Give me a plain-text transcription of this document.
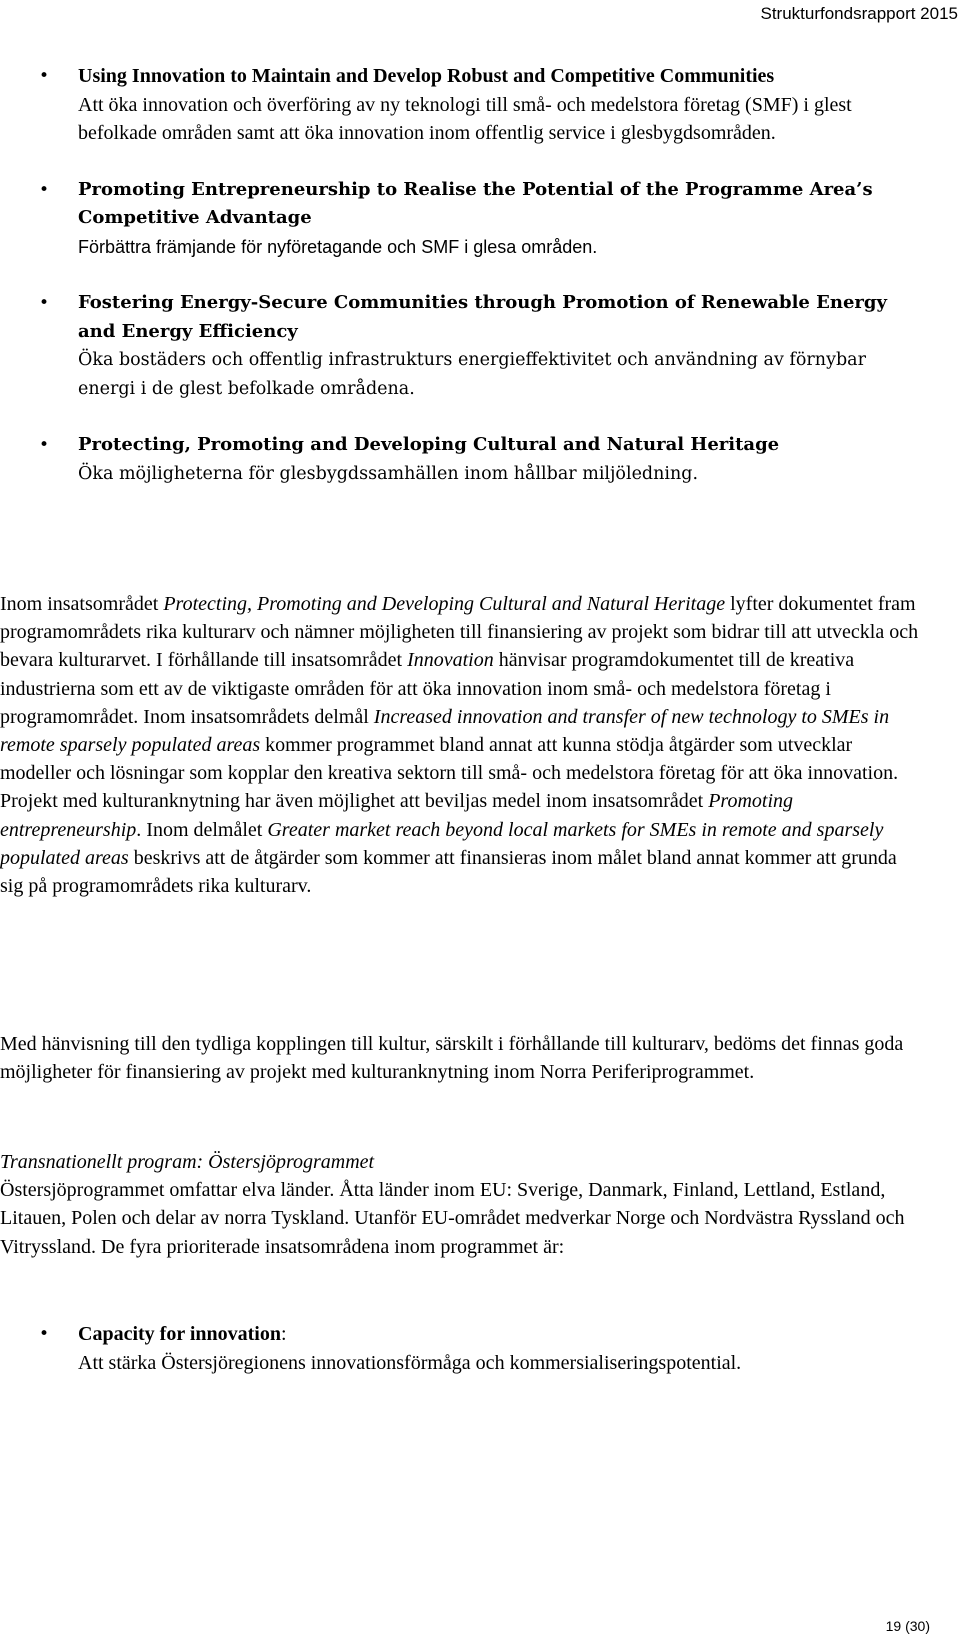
Strukturfondsrapport 2015
• Using Innovation to Maintain and Develop Robust and Competitive Communities
Att öka innovation och överföring av ny teknologi till små- och medelstora företag (SMF) i glest befolkade områden samt att öka innovation inom offentlig service i glesbygdsområden.
• Promoting Entrepreneurship to Realise the Potential of the Programme Area’s Competitive Advantage
Förbättra främjande för nyföretagande och SMF i glesa områden.
• Fostering Energy-Secure Communities through Promotion of Renewable Energy and Energy Efficiency
Öka bostäders och offentlig infrastrukturs energieffektivitet och användning av förnybar energi i de glest befolkade områdena.
• Protecting, Promoting and Developing Cultural and Natural Heritage
Öka möjligheterna för glesbygdssamhällen inom hållbar miljöledning.
Inom insatsområdet Protecting, Promoting and Developing Cultural and Natural Heritage lyfter dokumentet fram programområdets rika kulturarv och nämner möjligheten till finansiering av projekt som bidrar till att utveckla och bevara kulturarvet. I förhållande till insatsområdet Innovation hänvisar programdokumentet till de kreativa industrierna som ett av de viktigaste områden för att öka innovation inom små- och medelstora företag i programområdet. Inom insatsområdets delmål Increased innovation and transfer of new technology to SMEs in remote sparsely populated areas kommer programmet bland annat att kunna stödja åtgärder som utvecklar modeller och lösningar som kopplar den kreativa sektorn till små- och medelstora företag för att öka innovation. Projekt med kulturanknytning har även möjlighet att beviljas medel inom insatsområdet Promoting entrepreneurship. Inom delmålet Greater market reach beyond local markets for SMEs in remote and sparsely populated areas beskrivs att de åtgärder som kommer att finansieras inom målet bland annat kommer att grunda sig på programområdets rika kulturarv.
Med hänvisning till den tydliga kopplingen till kultur, särskilt i förhållande till kulturarv, bedöms det finnas goda möjligheter för finansiering av projekt med kulturanknytning inom Norra Periferiprogrammet.
Transnationellt program: Östersjöprogrammet
Östersjöprogrammet omfattar elva länder. Åtta länder inom EU: Sverige, Danmark, Finland, Lettland, Estland, Litauen, Polen och delar av norra Tyskland. Utanför EU-området medverkar Norge och Nordvästra Ryssland och Vitryssland. De fyra prioriterade insatsområdena inom programmet är:
• Capacity for innovation:
Att stärka Östersjöregionens innovationsförmåga och kommersialiseringspotential.
19 (30)
